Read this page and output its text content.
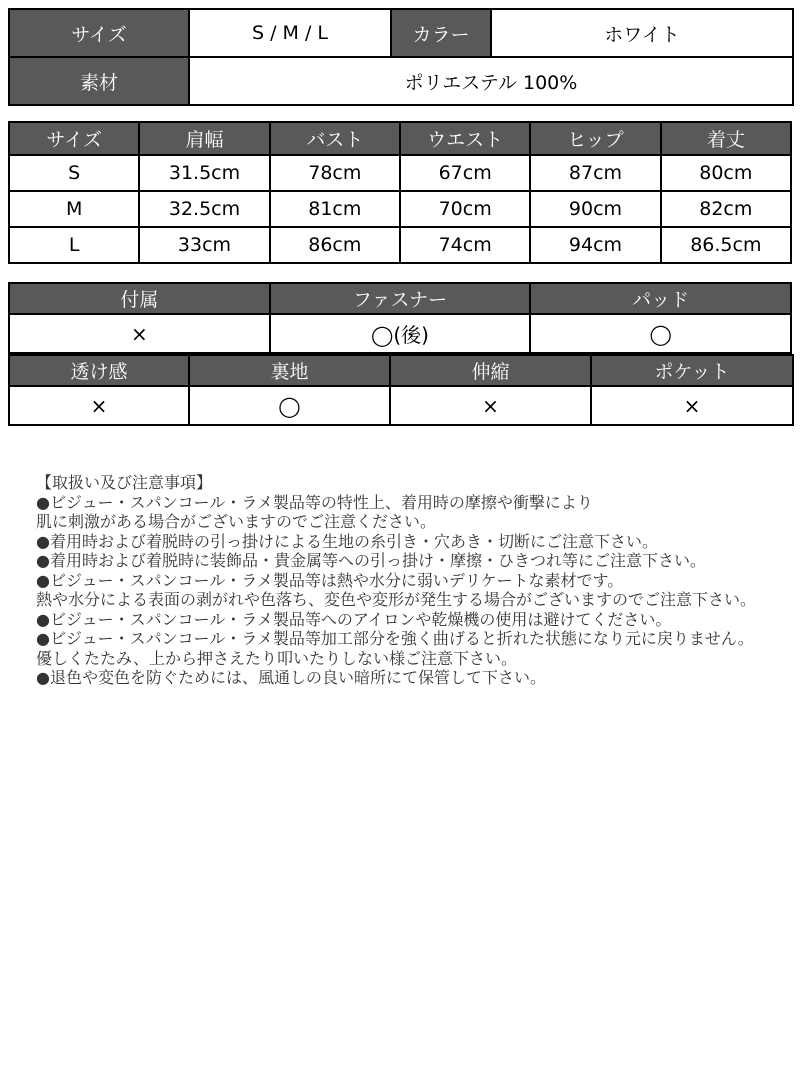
サイズ	S / M / L	カラー	ホワイト
素材	ポリエステル 100%		
サイズ	肩幅	バスト	ウエスト	ヒップ	着丈
S	31.5cm	78cm	67cm	87cm	80cm
M	32.5cm	81cm	70cm	90cm	82cm
L	33cm	86cm	74cm	94cm	86.5cm
付属	ファスナー	パッド
×	◯(後)	◯
透け感	裏地	伸縮	ポケット
×	◯	×	×
【取扱い及び注意事項】
●ビジュー・スパンコール・ラメ製品等の特性上、着用時の摩擦や衝撃により
肌に刺激がある場合がございますのでご注意ください。
●着用時および着脱時の引っ掛けによる生地の糸引き・穴あき・切断にご注意下さい。
●着用時および着脱時に装飾品・貴金属等への引っ掛け・摩擦・ひきつれ等にご注意下さい。
●ビジュー・スパンコール・ラメ製品等は熱や水分に弱いデリケートな素材です。
熱や水分による表面の剥がれや色落ち、変色や変形が発生する場合がございますのでご注意下さい。
●ビジュー・スパンコール・ラメ製品等へのアイロンや乾燥機の使用は避けてください。
●ビジュー・スパンコール・ラメ製品等加工部分を強く曲げると折れた状態になり元に戻りません。
優しくたたみ、上から押さえたり叩いたりしない様ご注意下さい。
●退色や変色を防ぐためには、風通しの良い暗所にて保管して下さい。
